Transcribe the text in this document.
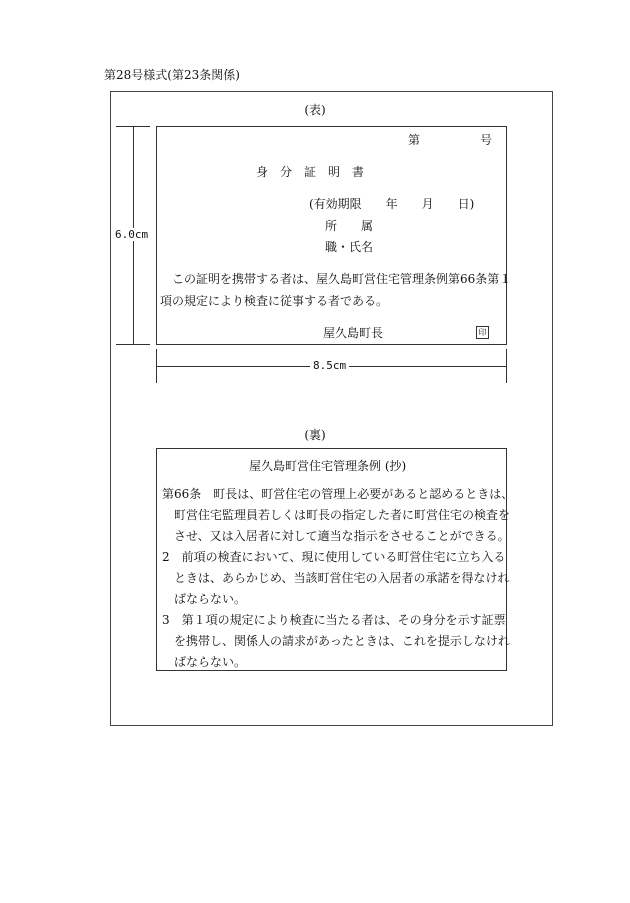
第28号様式(第23条関係)
(表)
第	号
身　分　証　明　書
(有効期限　　年　　月　　日)
所　　属
職・氏名
この証明を携帯する者は、屋久島町営住宅管理条例第66条第１
項の規定により検査に従事する者である。
屋久島町長	印
6.0cm
8.5cm
(裏)
屋久島町営住宅管理条例 (抄)
第66条　町長は、町営住宅の管理上必要があると認めるときは、
町営住宅監理員若しくは町長の指定した者に町営住宅の検査を
させ、又は入居者に対して適当な指示をさせることができる。
2　前項の検査において、現に使用している町営住宅に立ち入る
ときは、あらかじめ、当該町営住宅の入居者の承諾を得なけれ
ばならない。
3　第１項の規定により検査に当たる者は、その身分を示す証票
を携帯し、関係人の請求があったときは、これを提示しなけれ
ばならない。
